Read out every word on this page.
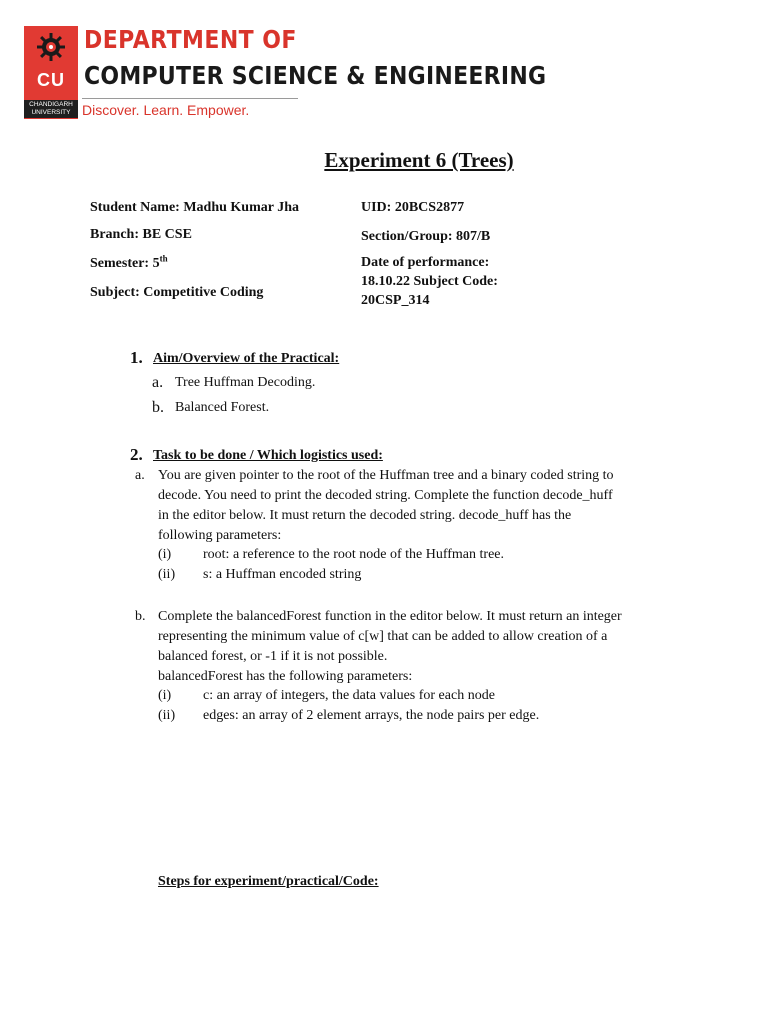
CU
CHANDIGARH
UNIVERSITY
DEPARTMENT OF
COMPUTER SCIENCE & ENGINEERING
Discover. Learn. Empower.
Experiment 6 (Trees)
Student Name: Madhu Kumar Jha	UID: 20BCS2877
Branch: BE CSE	Section/Group: 807/B
Semester: 5th	Date of performance:
18.10.22 Subject Code:
20CSP_314
Subject: Competitive Coding
1. Aim/Overview of the Practical:
a. Tree Huffman Decoding.
b. Balanced Forest.
2. Task to be done / Which logistics used:
a. You are given pointer to the root of the Huffman tree and a binary coded string to
decode. You need to print the decoded string. Complete the function decode_huff
in the editor below. It must return the decoded string. decode_huff has the
following parameters:
(i) root: a reference to the root node of the Huffman tree.
(ii) s: a Huffman encoded string
b. Complete the balancedForest function in the editor below. It must return an integer
representing the minimum value of c[w] that can be added to allow creation of a
balanced forest, or -1 if it is not possible.
balancedForest has the following parameters:
(i) c: an array of integers, the data values for each node
(ii) edges: an array of 2 element arrays, the node pairs per edge.
Steps for experiment/practical/Code:
